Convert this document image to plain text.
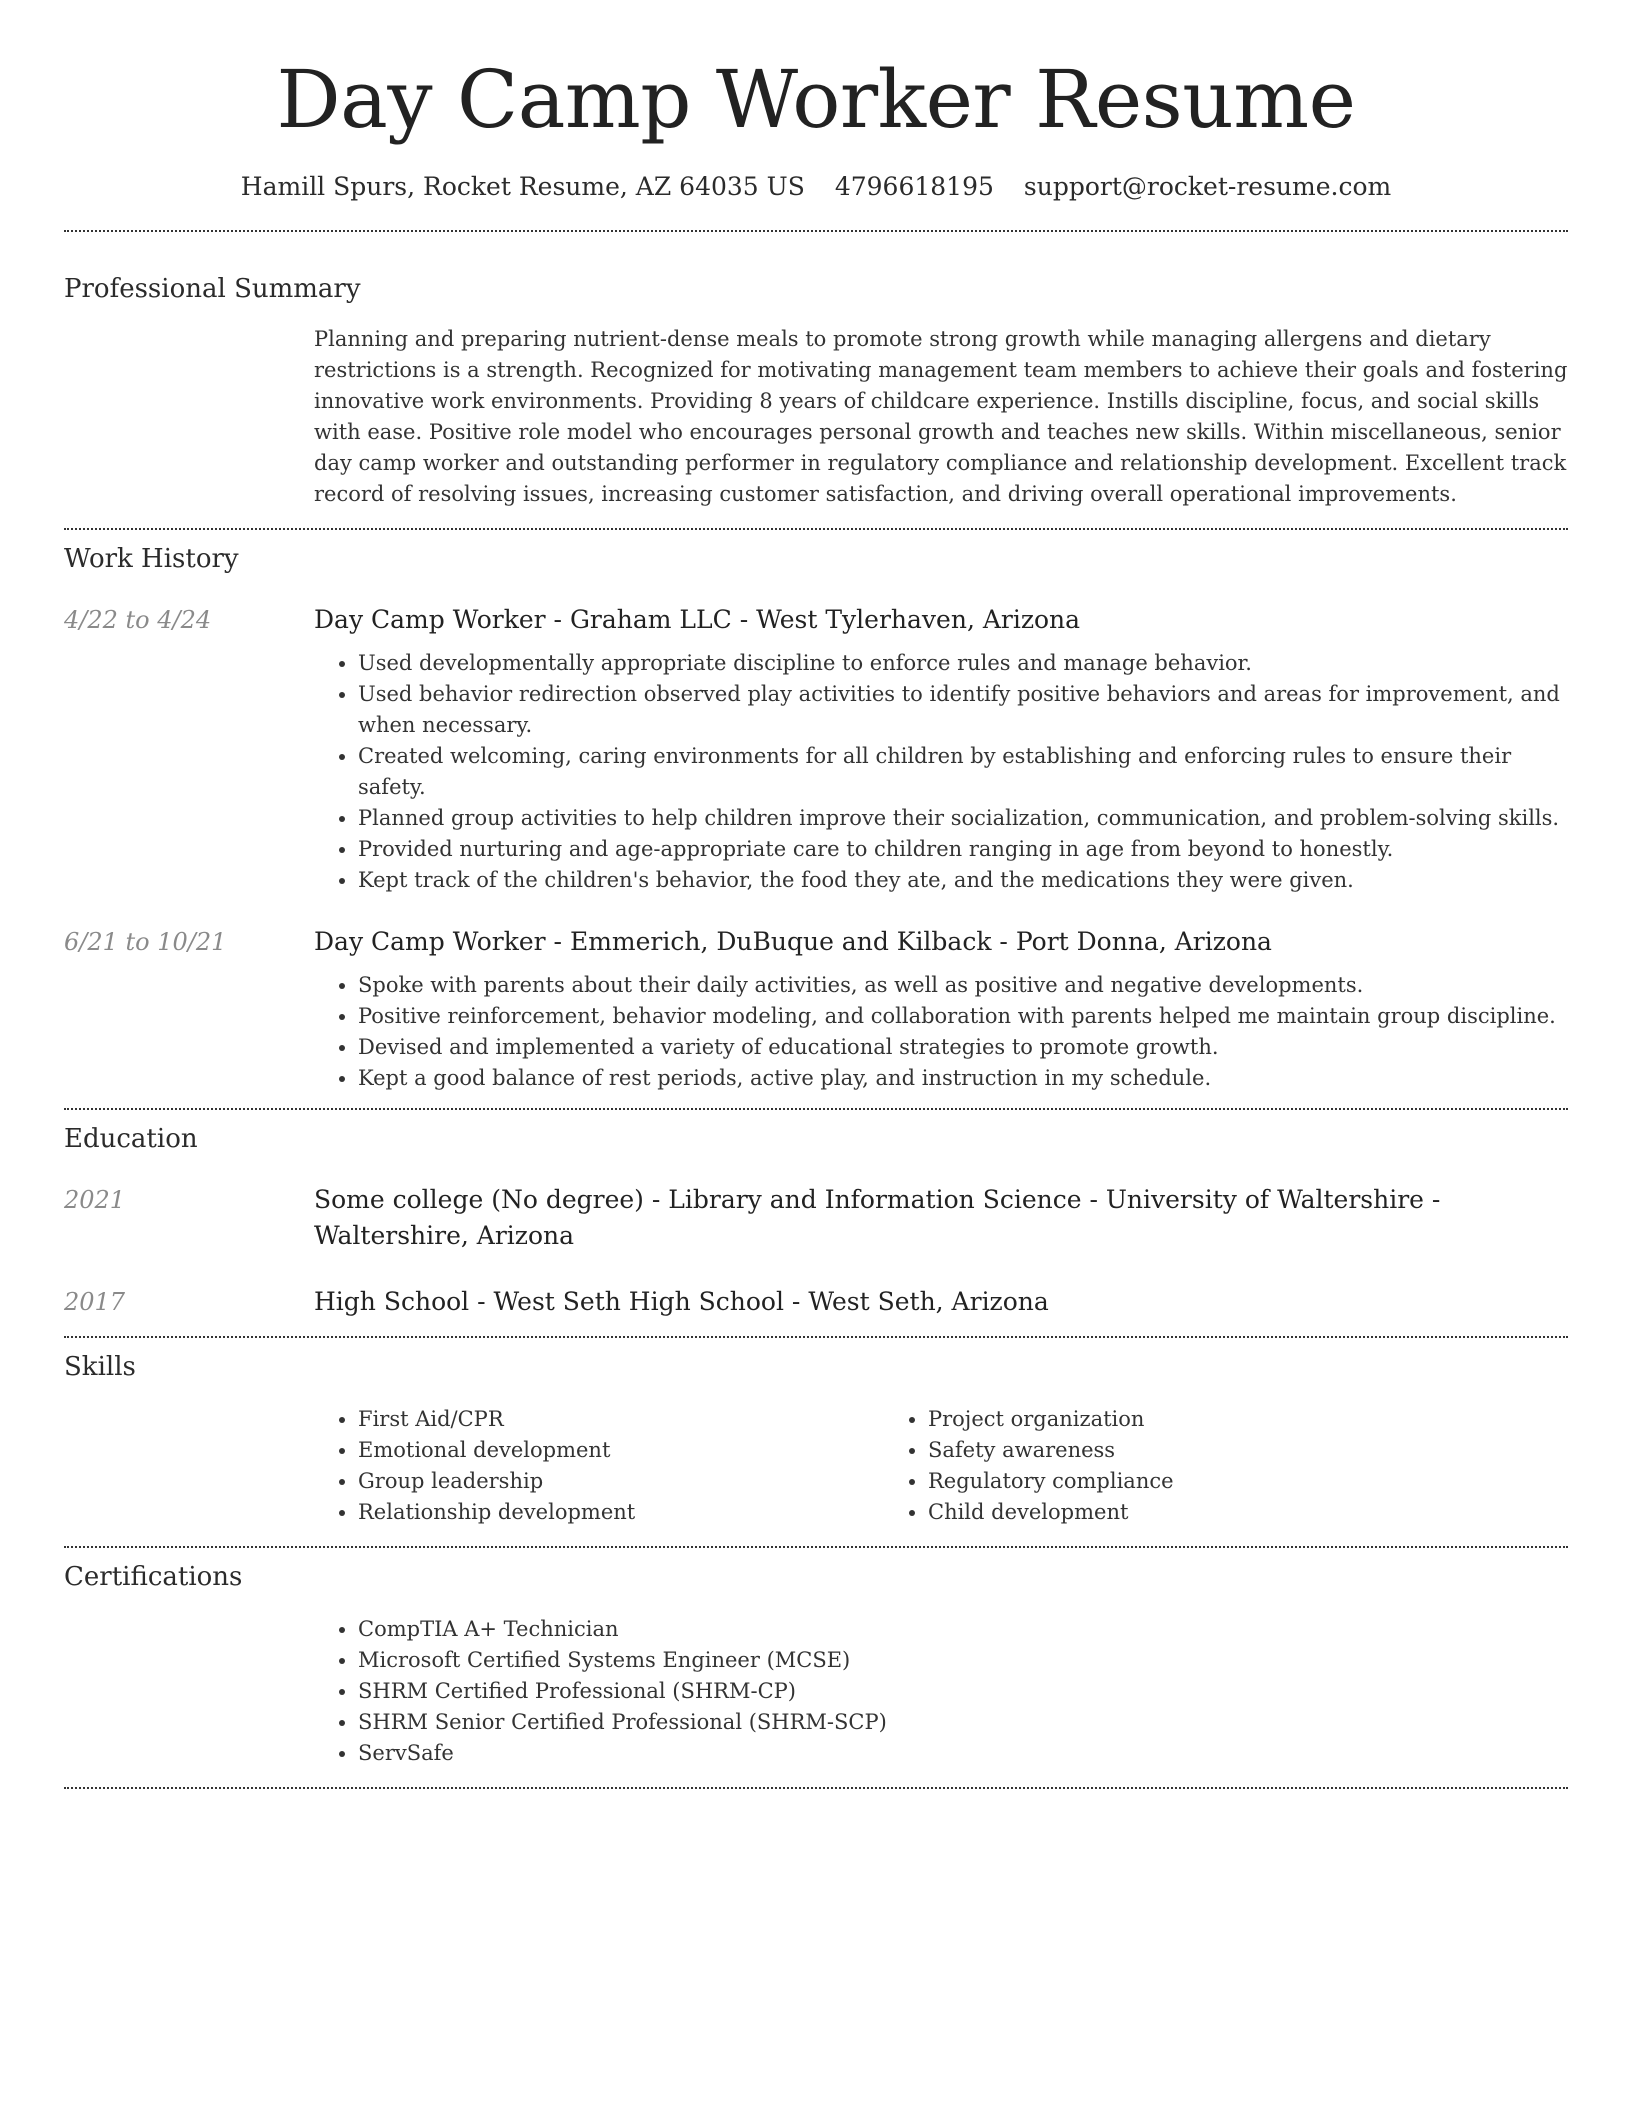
Day Camp Worker Resume
Hamill Spurs, Rocket Resume, AZ 64035 US 4796618195 support@rocket-resume.com
Professional Summary

Planning and preparing nutrient-dense meals to promote strong growth while managing allergens and dietary restrictions is a strength. Recognized for motivating management team members to achieve their goals and fostering innovative work environments. Providing 8 years of childcare experience. Instills discipline, focus, and social skills with ease. Positive role model who encourages personal growth and teaches new skills. Within miscellaneous, senior day camp worker and outstanding performer in regulatory compliance and relationship development. Excellent track record of resolving issues, increasing customer satisfaction, and driving overall operational improvements.

Work History
4/22 to 4/24	Day Camp Worker - Graham LLC - West Tylerhaven, Arizona
• Used developmentally appropriate discipline to enforce rules and manage behavior.
• Used behavior redirection observed play activities to identify positive behaviors and areas for improvement, and when necessary.
• Created welcoming, caring environments for all children by establishing and enforcing rules to ensure their safety.
• Planned group activities to help children improve their socialization, communication, and problem-solving skills.
• Provided nurturing and age-appropriate care to children ranging in age from beyond to honestly.
• Kept track of the children's behavior, the food they ate, and the medications they were given.
6/21 to 10/21	Day Camp Worker - Emmerich, DuBuque and Kilback - Port Donna, Arizona
• Spoke with parents about their daily activities, as well as positive and negative developments.
• Positive reinforcement, behavior modeling, and collaboration with parents helped me maintain group discipline.
• Devised and implemented a variety of educational strategies to promote growth.
• Kept a good balance of rest periods, active play, and instruction in my schedule.
Education
2021	Some college (No degree) - Library and Information Science - University of Waltershire - Waltershire, Arizona
2017	High School - West Seth High School - West Seth, Arizona
Skills
• First Aid/CPR
• Emotional development
• Group leadership
• Relationship development
• Project organization
• Safety awareness
• Regulatory compliance
• Child development
Certifications
• CompTIA A+ Technician
• Microsoft Certified Systems Engineer (MCSE)
• SHRM Certified Professional (SHRM-CP)
• SHRM Senior Certified Professional (SHRM-SCP)
• ServSafe
